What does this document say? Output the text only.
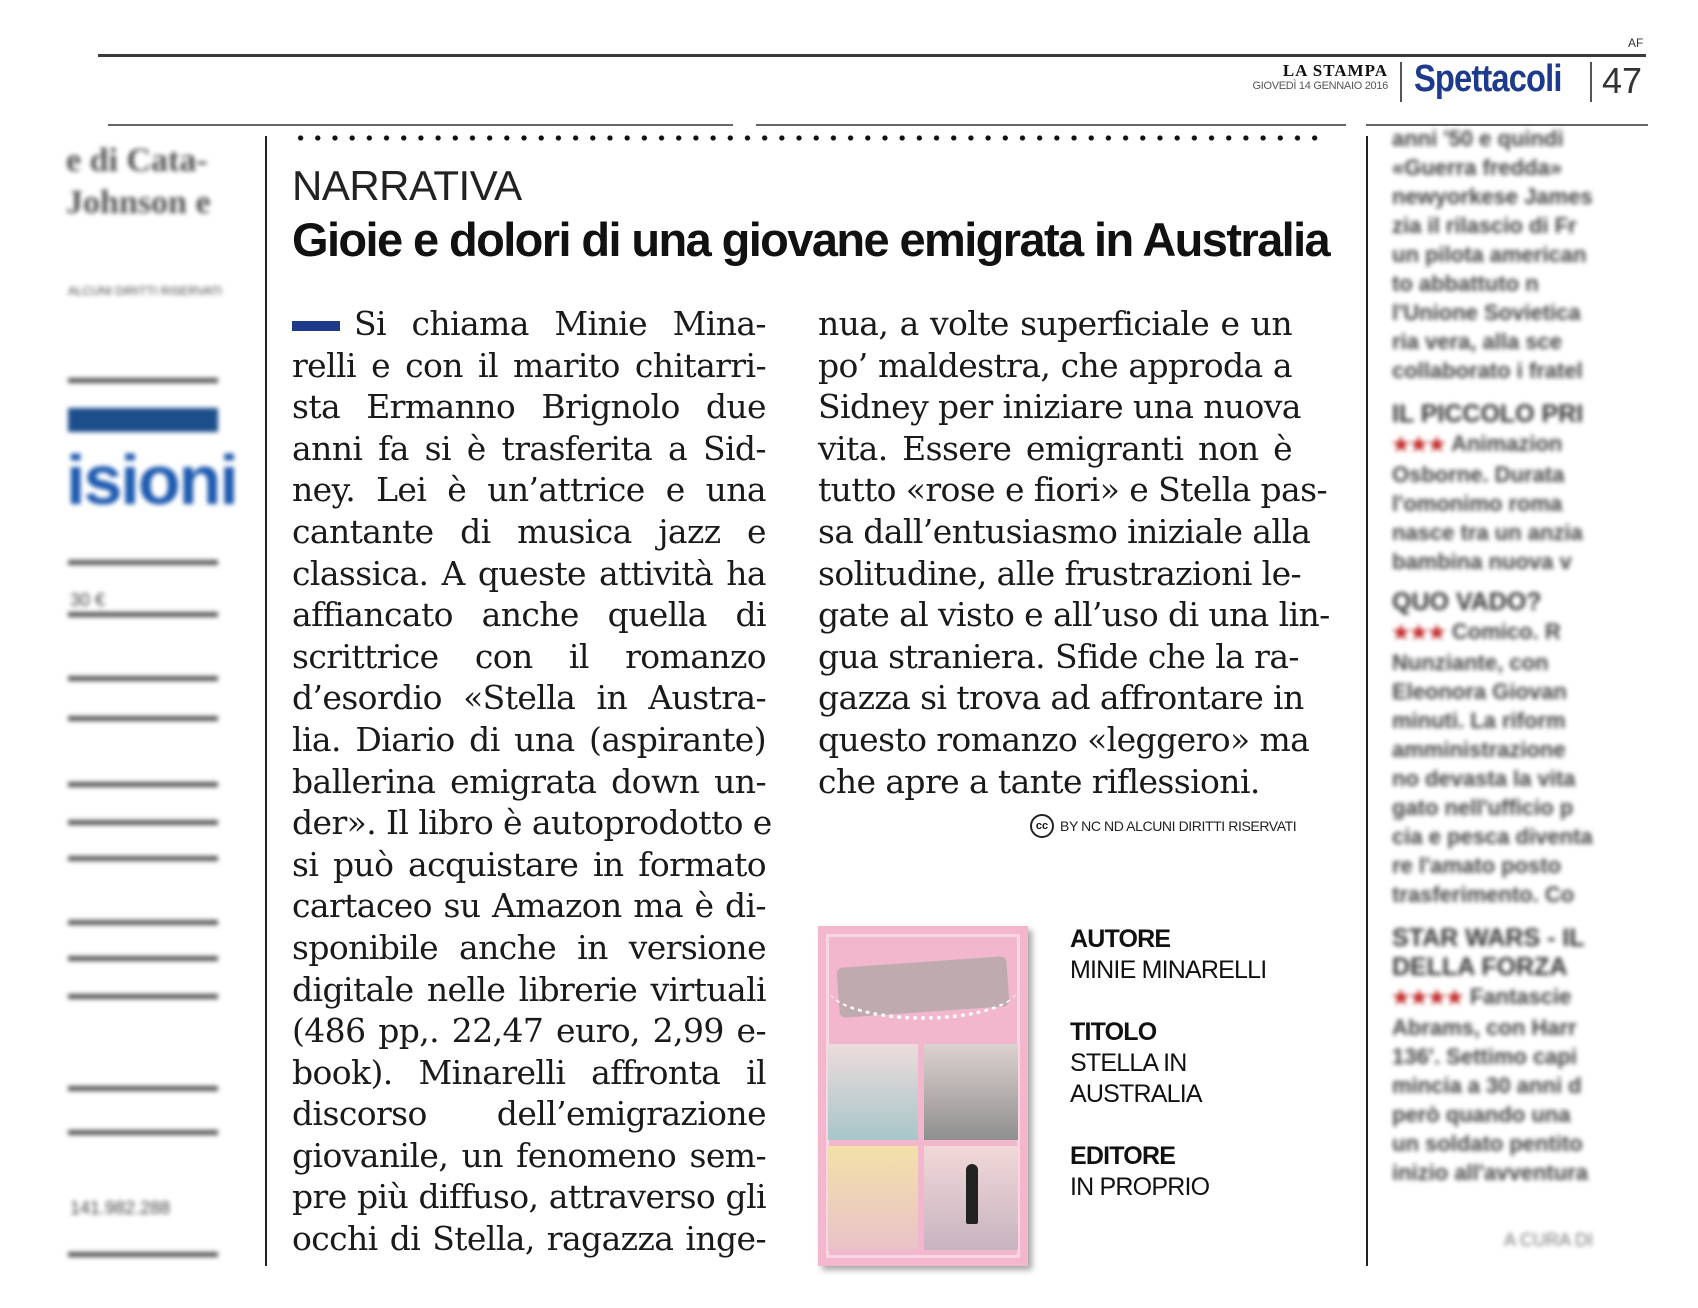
AF
LA STAMPA
GIOVEDÌ 14 GENNAIO 2016 Spettacoli 47
e di Cata-
Johnson e
ALCUNI DIRITTI RISERVATI
isioni
30 €
141.982.288
NARRATIVA
Gioie e dolori di una giovane emigrata in Australia
Si chiama Minie Mina-
relli e con il marito chitarri-
sta Ermanno Brignolo due
anni fa si è trasferita a Sid-
ney. Lei è un’attrice e una
cantante di musica jazz e
classica. A queste attività ha
affiancato anche quella di
scrittrice con il romanzo
d’esordio «Stella in Austra-
lia. Diario di una (aspirante)
ballerina emigrata down un-
der». Il libro è autoprodotto e
si può acquistare in formato
cartaceo su Amazon ma è di-
sponibile anche in versione
digitale nelle librerie virtuali
(486 pp,. 22,47 euro, 2,99 e-
book). Minarelli affronta il
discorso dell’emigrazione
giovanile, un fenomeno sem-
pre più diffuso, attraverso gli
occhi di Stella, ragazza inge-
nua, a volte superficiale e un
po’ maldestra, che approda a
Sidney per iniziare una nuova
vita. Essere emigranti non è
tutto «rose e fiori» e Stella pas-
sa dall’entusiasmo iniziale alla
solitudine, alle frustrazioni le-
gate al visto e all’uso di una lin-
gua straniera. Sfide che la ra-
gazza si trova ad affrontare in
questo romanzo «leggero» ma
che apre a tante riflessioni.
cc BY NC ND ALCUNI DIRITTI RISERVATI
AUTORE
MINIE MINARELLI
TITOLO
STELLA IN
AUSTRALIA
EDITORE
IN PROPRIO
anni '50 e quindi
«Guerra fredda»
newyorkese James
zia il rilascio di Fr
un pilota american
to abbattuto n
l'Unione Sovietica
ria vera, alla sce
collaborato i fratel
IL PICCOLO PRI
★★★ Animazion
Osborne. Durata
l'omonimo roma
nasce tra un anzia
bambina nuova v
QUO VADO?
★★★ Comico. R
Nunziante, con
Eleonora Giovan
minuti. La riform
amministrazione
no devasta la vita
gato nell'ufficio p
cia e pesca diventa
re l'amato posto
trasferimento. Co
STAR WARS - IL
DELLA FORZA
★★★★ Fantascie
Abrams, con Harr
136'. Settimo capi
mincia a 30 anni d
però quando una
un soldato pentito
inizio all'avventura
A CURA DI
